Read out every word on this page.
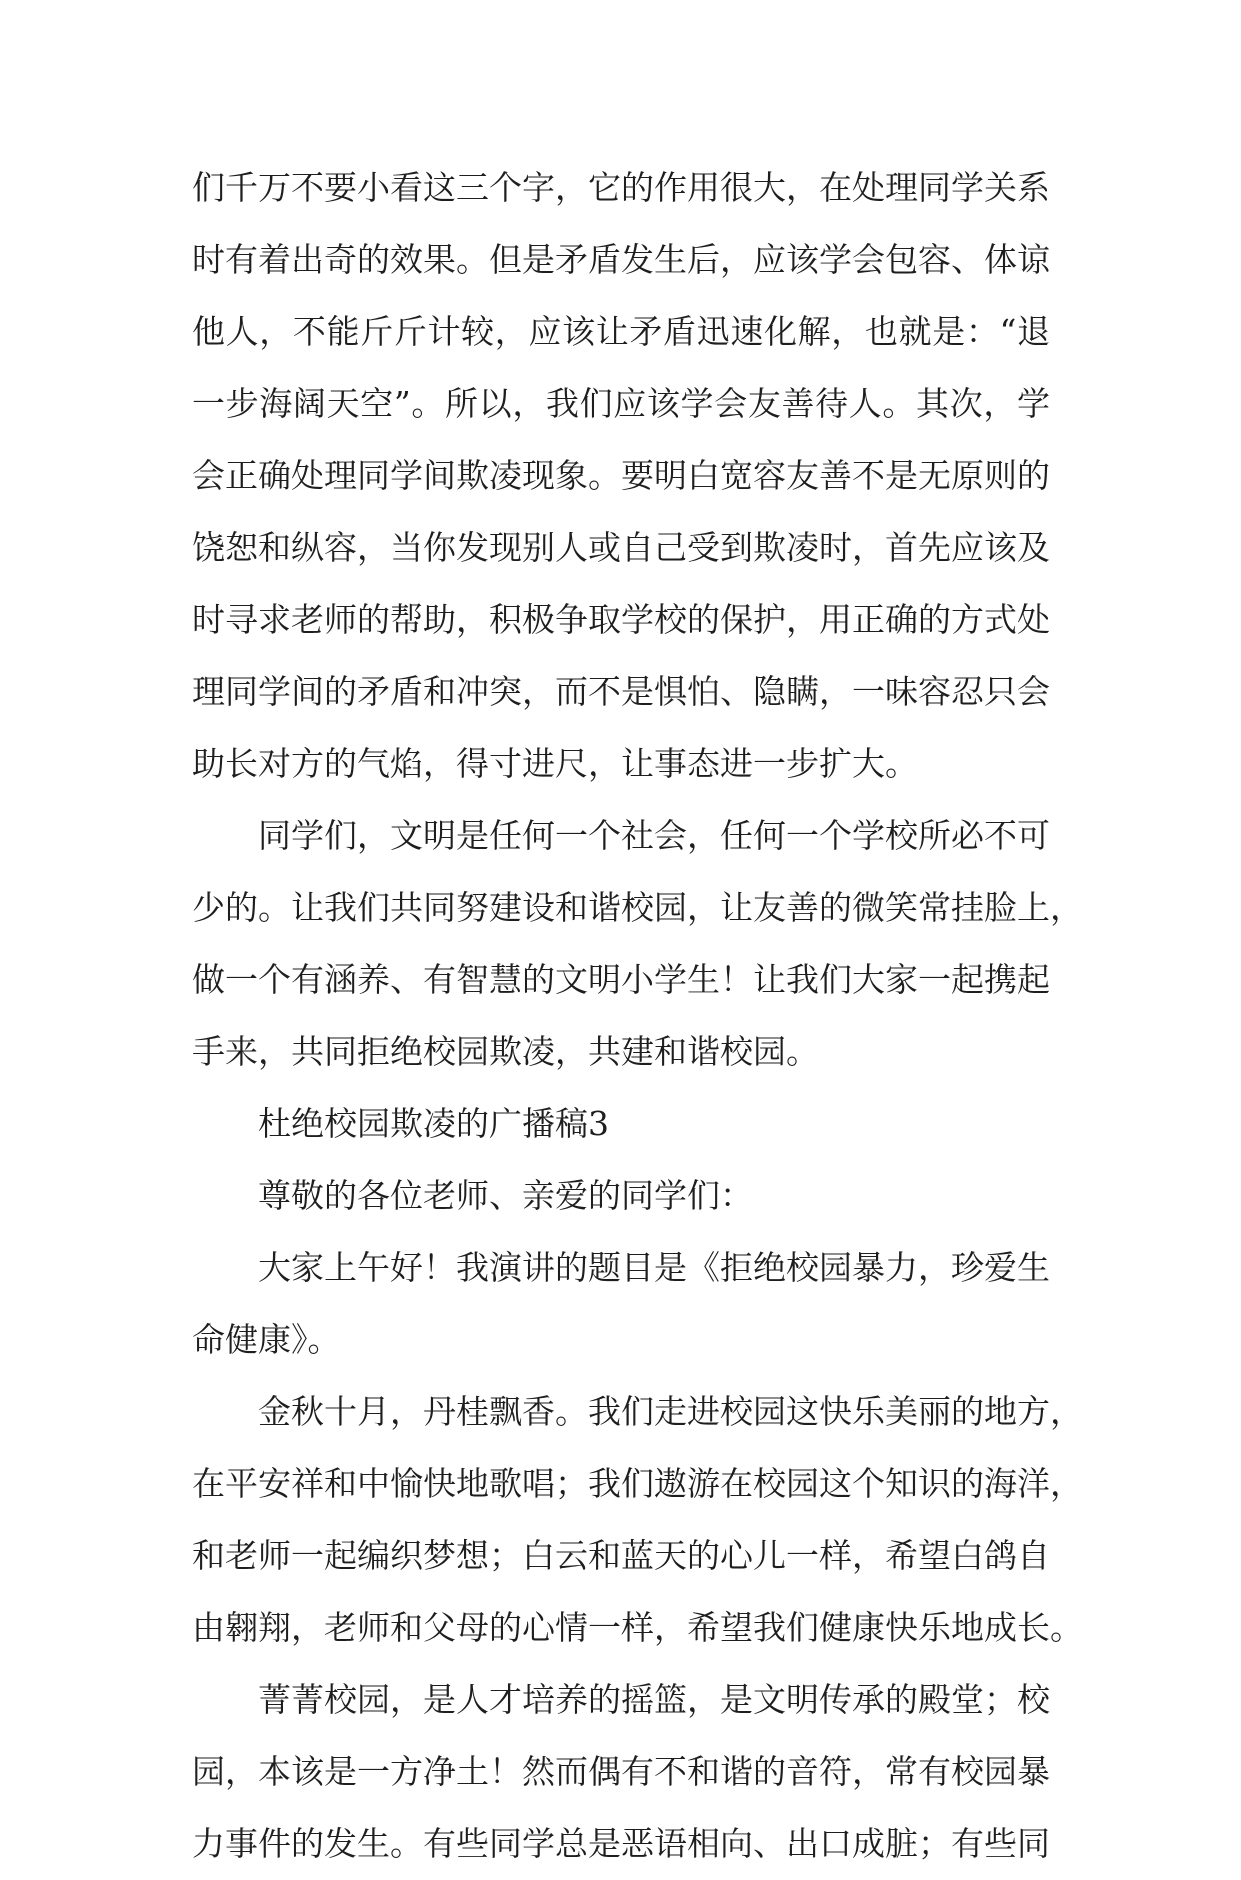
们千万不要小看这三个字，它的作用很大，在处理同学关系
时有着出奇的效果。但是矛盾发生后，应该学会包容、体谅
他人，不能斤斤计较，应该让矛盾迅速化解，也就是：“退
一步海阔天空”。所以，我们应该学会友善待人。其次，学
会正确处理同学间欺凌现象。要明白宽容友善不是无原则的
饶恕和纵容，当你发现别人或自己受到欺凌时，首先应该及
时寻求老师的帮助，积极争取学校的保护，用正确的方式处
理同学间的矛盾和冲突，而不是惧怕、隐瞒，一味容忍只会
助长对方的气焰，得寸进尺，让事态进一步扩大。
同学们，文明是任何一个社会，任何一个学校所必不可
少的。让我们共同努建设和谐校园，让友善的微笑常挂脸上，
做一个有涵养、有智慧的文明小学生！让我们大家一起携起
手来，共同拒绝校园欺凌，共建和谐校园。
杜绝校园欺凌的广播稿3
尊敬的各位老师、亲爱的同学们：
大家上午好！我演讲的题目是《拒绝校园暴力，珍爱生
命健康》。
金秋十月，丹桂飘香。我们走进校园这快乐美丽的地方，
在平安祥和中愉快地歌唱；我们遨游在校园这个知识的海洋，
和老师一起编织梦想；白云和蓝天的心儿一样，希望白鸽自
由翱翔，老师和父母的心情一样，希望我们健康快乐地成长。
菁菁校园，是人才培养的摇篮，是文明传承的殿堂；校
园，本该是一方净土！然而偶有不和谐的音符，常有校园暴
力事件的发生。有些同学总是恶语相向、出口成脏；有些同
